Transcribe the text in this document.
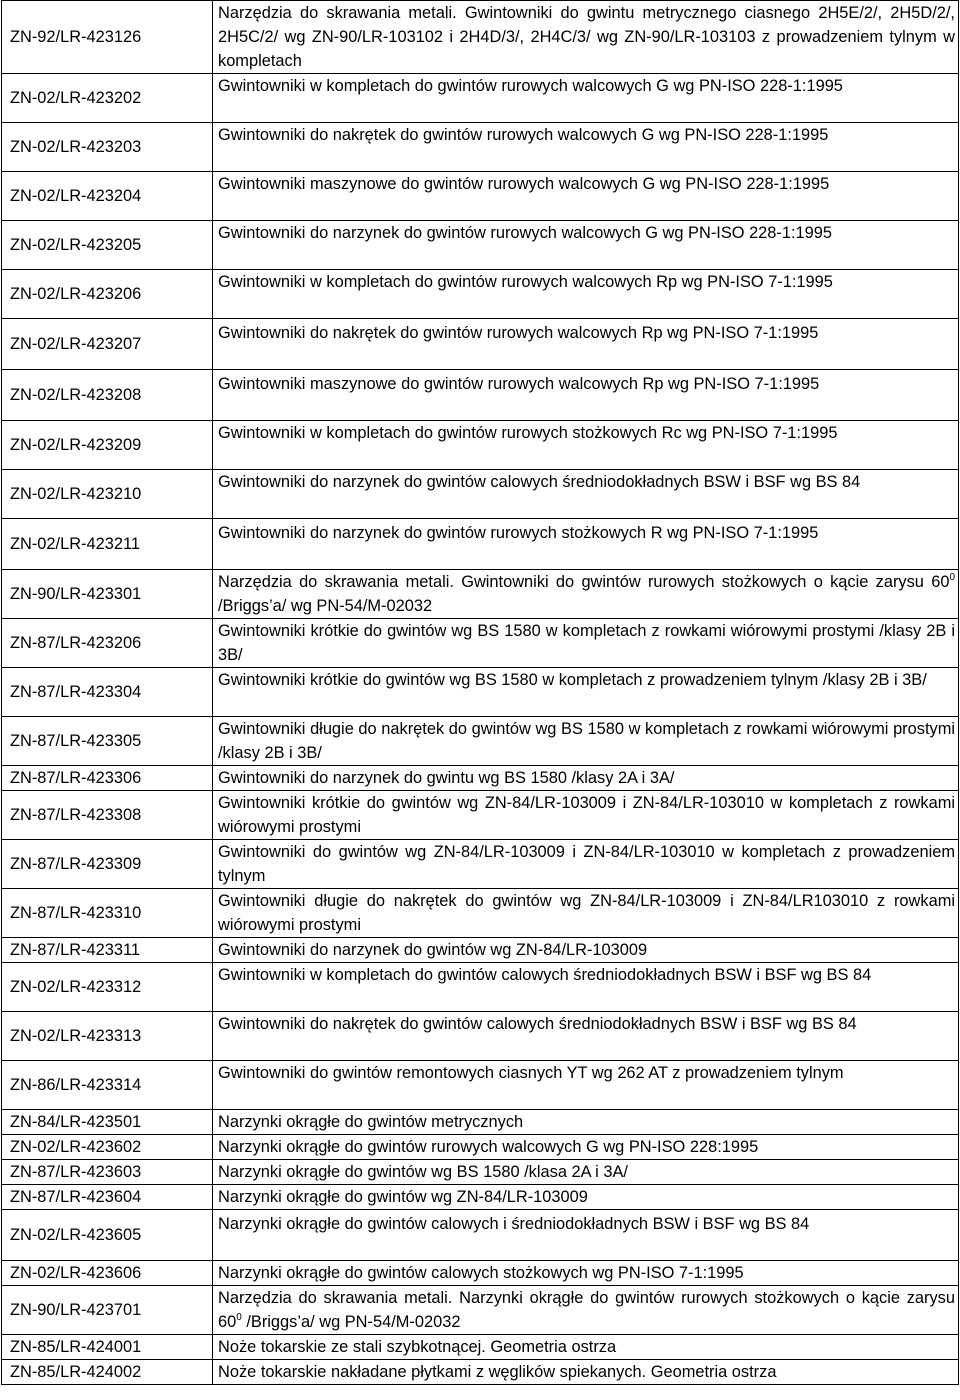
ZN-92/LR-423126	Narzędzia do skrawania metali. Gwintowniki do gwintu metrycznego ciasnego 2H5E/2/, 2H5D/2/, 2H5C/2/ wg ZN-90/LR-103102 i 2H4D/3/, 2H4C/3/ wg ZN-90/LR-103103 z prowadzeniem tylnym w kompletach

ZN-02/LR-423202	Gwintowniki w kompletach do gwintów rurowych walcowych G wg PN-ISO 228-1:1995

ZN-02/LR-423203	Gwintowniki do nakrętek do gwintów rurowych walcowych G wg PN-ISO 228-1:1995

ZN-02/LR-423204	Gwintowniki maszynowe do gwintów rurowych walcowych G wg PN-ISO 228-1:1995

ZN-02/LR-423205	Gwintowniki do narzynek do gwintów rurowych walcowych G wg PN-ISO 228-1:1995

ZN-02/LR-423206	Gwintowniki w kompletach do gwintów rurowych walcowych Rp wg PN-ISO 7-1:1995

ZN-02/LR-423207	Gwintowniki do nakrętek do gwintów rurowych walcowych Rp wg PN-ISO 7-1:1995

ZN-02/LR-423208	Gwintowniki maszynowe do gwintów rurowych walcowych Rp wg PN-ISO 7-1:1995

ZN-02/LR-423209	Gwintowniki w kompletach do gwintów rurowych stożkowych Rc wg PN-ISO 7-1:1995

ZN-02/LR-423210	Gwintowniki do narzynek do gwintów calowych średniodokładnych BSW i BSF wg BS 84

ZN-02/LR-423211	Gwintowniki do narzynek do gwintów rurowych stożkowych R wg PN-ISO 7-1:1995

ZN-90/LR-423301	Narzędzia do skrawania metali. Gwintowniki do gwintów rurowych stożkowych o kącie zarysu $60^0$ /Briggs’a/ wg PN-54/M-02032

ZN-87/LR-423206	Gwintowniki krótkie do gwintów wg BS 1580 w kompletach z rowkami wiórowymi prostymi /klasy 2B i 3B/

ZN-87/LR-423304	Gwintowniki krótkie do gwintów wg BS 1580 w kompletach z prowadzeniem tylnym /klasy 2B i 3B/

ZN-87/LR-423305	Gwintowniki długie do nakrętek do gwintów wg BS 1580 w kompletach z rowkami wiórowymi prostymi /klasy 2B i 3B/

ZN-87/LR-423306	Gwintowniki do narzynek do gwintu wg BS 1580 /klasy 2A i 3A/

ZN-87/LR-423308	Gwintowniki krótkie do gwintów wg ZN-84/LR-103009 i ZN-84/LR-103010 w kompletach z rowkami wiórowymi prostymi

ZN-87/LR-423309	Gwintowniki do gwintów wg ZN-84/LR-103009 i ZN-84/LR-103010 w kompletach z prowadzeniem tylnym

ZN-87/LR-423310	Gwintowniki długie do nakrętek do gwintów wg ZN-84/LR-103009 i ZN-84/LR103010 z rowkami wiórowymi prostymi

ZN-87/LR-423311	Gwintowniki do narzynek do gwintów wg ZN-84/LR-103009

ZN-02/LR-423312	Gwintowniki w kompletach do gwintów calowych średniodokładnych BSW i BSF wg BS 84

ZN-02/LR-423313	Gwintowniki do nakrętek do gwintów calowych średniodokładnych BSW i BSF wg BS 84

ZN-86/LR-423314	Gwintowniki do gwintów remontowych ciasnych YT wg 262 AT z prowadzeniem tylnym

ZN-84/LR-423501	Narzynki okrągłe do gwintów metrycznych

ZN-02/LR-423602	Narzynki okrągłe do gwintów rurowych walcowych G wg PN-ISO 228:1995

ZN-87/LR-423603	Narzynki okrągłe do gwintów wg BS 1580 /klasa 2A i 3A/

ZN-87/LR-423604	Narzynki okrągłe do gwintów wg ZN-84/LR-103009

ZN-02/LR-423605	Narzynki okrągłe do gwintów calowych i średniodokładnych BSW i BSF wg BS 84

ZN-02/LR-423606	Narzynki okrągłe do gwintów calowych stożkowych wg PN-ISO 7-1:1995

ZN-90/LR-423701	Narzędzia do skrawania metali. Narzynki okrągłe do gwintów rurowych stożkowych o kącie zarysu $60^0$ /Briggs’a/ wg PN-54/M-02032

ZN-85/LR-424001	Noże tokarskie ze stali szybkotnącej. Geometria ostrza

ZN-85/LR-424002	Noże tokarskie nakładane płytkami z węglików spiekanych. Geometria ostrza
